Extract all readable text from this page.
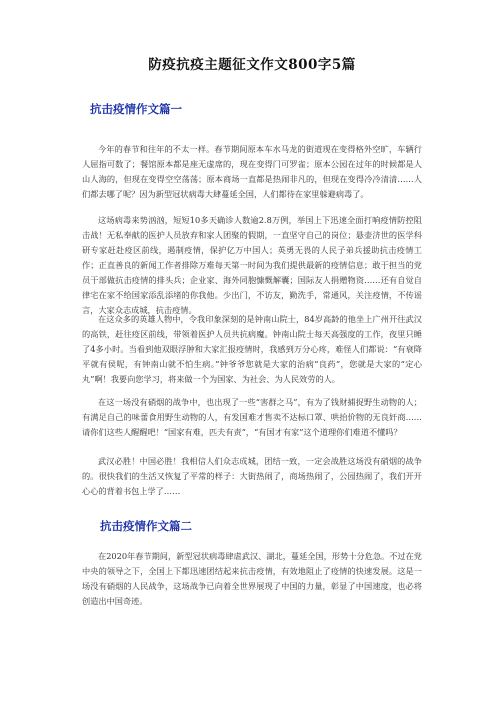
防疫抗疫主题征文作文800字5篇
抗击疫情作文篇一

今年的春节和往年的不太一样。春节期间原本车水马龙的街道现在变得格外空旷，车辆行人屈指可数了；餐馆原本都是座无虚席的，现在变得门可罗雀；原本公园在过年的时候都是人山人海的，但现在变得空空荡荡；原本商场一直都是热闹非凡的，但现在变得冷冷清清……人们都去哪了呢？因为新型冠状病毒大肆蔓延全国，人们都待在家里躲避病毒了。

这场病毒来势汹汹，短短10多天确诊人数逾2.8万例，举国上下迅速全面打响疫情防控阻击战！无私奉献的医护人员放弃和家人团聚的假期，一直坚守自己的岗位；悬壶济世的医学科研专家赶赴疫区前线，遏制疫情，保护亿万中国人；英勇无畏的人民子弟兵援助抗击疫情工作；正直善良的新闻工作者排除万难每天第一时间为我们提供最新的疫情信息；敢于担当的党员干部做抗击疫情的排头兵；企业家、海外同胞慷慨解囊；国际友人捐赠物资……还有自觉自律宅在家不给国家添乱添堵的你我他。少出门，不访友，勤洗手，常通风，关注疫情，不传谣言，大家众志成城，抗击疫情。

在这众多的英雄人物中，令我印象深刻的是钟南山院士，84岁高龄的他坐上广州开往武汉的高铁，赶往疫区前线，带领着医护人员共抗病魔。钟南山院士每天高强度的工作，夜里只睡了4多小时。当看到他双眼浮肿和大家汇报疫情时，我感到万分心疼，难怪人们都说：“有衰降平就有侯呢，有钟南山就不怕生病。”钟爷爷您就是大家的治病“良药”，您就是大家的“定心丸”啊！我要向您学习，将来做一个为国家、为社会、为人民效劳的人。

在这一场没有硝烟的战争中，也出现了一些“害群之马”，有为了钱财捕捉野生动物的人；有满足自己的味蕾食用野生动物的人，有发国难才售卖不达标口罩、哄抬价物的无良奸商……请你们这些人醒醒吧！“国家有难，匹夫有责”，“有国才有家”这个道理你们难道不懂吗？

武汉必胜！中国必胜！我相信人们众志成城，团结一致，一定会战胜这场没有硝烟的战争的。很快我们的生活又恢复了平常的样子：大街热闹了，商场热闹了，公园热闹了，我们开开心心的背着书包上学了……

抗击疫情作文篇二

在2020年春节期间，新型冠状病毒肆虐武汉、湖北，蔓延全国，形势十分危急。不过在党中央的领导之下，全国上下都迅速团结起来抗击疫情，有效地阻止了疫情的快速发展。这是一场没有硝烟的人民战争，这场战争已向着全世界展现了中国的力量，彰显了中国速度，也必将创造出中国奇迹。
